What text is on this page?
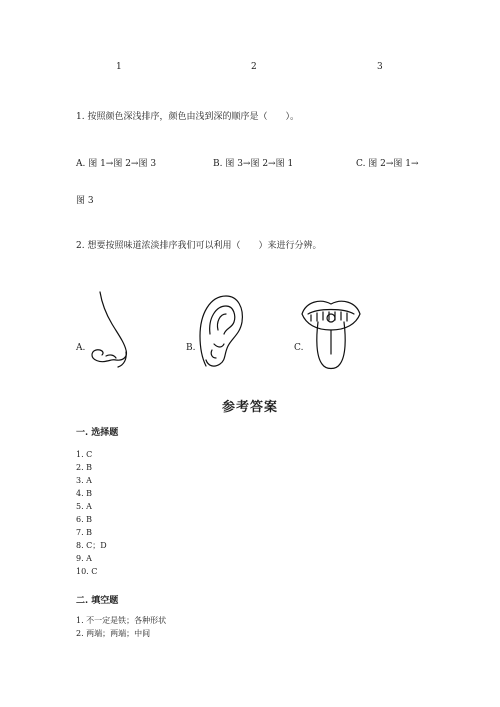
1	2	3
1. 按照颜色深浅排序，颜色由浅到深的顺序是（　　）。
A. 图 1→图 2→图 3	B. 图 3→图 2→图 1	C. 图 2→图 1→
图 3
2. 想要按照味道浓淡排序我们可以利用（　　）来进行分辨。
A.	B.	C.
参考答案
一. 选择题
1. C
2. B
3. A
4. B
5. A
6. B
7. B
8. C；D
9. A
10. C
二. 填空题
1. 不一定是铁；各种形状
2. 两端；两端；中间
